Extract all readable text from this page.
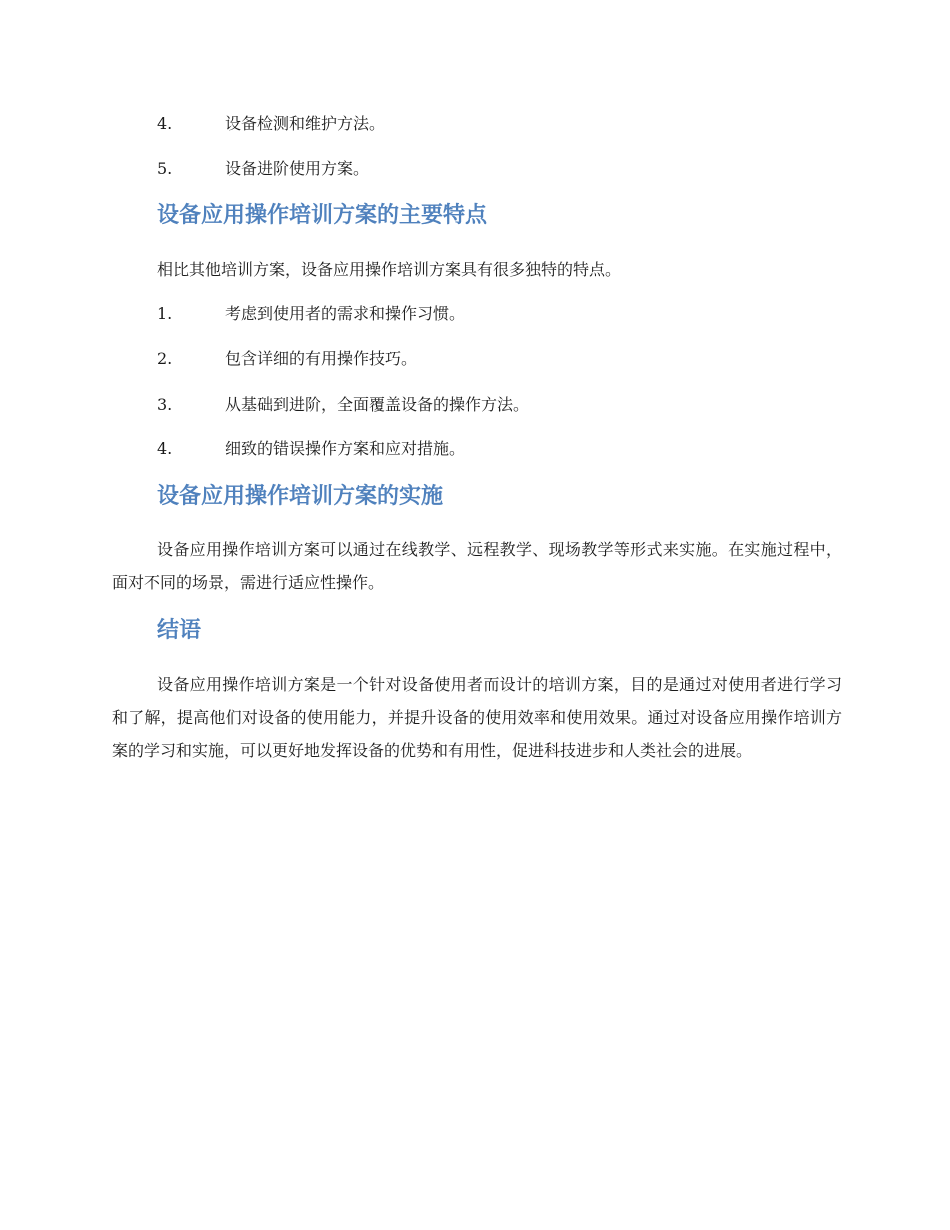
4.	设备检测和维护方法。
5.	设备进阶使用方案。
设备应用操作培训方案的主要特点
相比其他培训方案，设备应用操作培训方案具有很多独特的特点。
1.	考虑到使用者的需求和操作习惯。
2.	包含详细的有用操作技巧。
3.	从基础到进阶，全面覆盖设备的操作方法。
4.	细致的错误操作方案和应对措施。
设备应用操作培训方案的实施
设备应用操作培训方案可以通过在线教学、远程教学、现场教学等形式来实施。在实施过程中，面对不同的场景，需进行适应性操作。
结语
设备应用操作培训方案是一个针对设备使用者而设计的培训方案，目的是通过对使用者进行学习和了解，提高他们对设备的使用能力，并提升设备的使用效率和使用效果。通过对设备应用操作培训方案的学习和实施，可以更好地发挥设备的优势和有用性，促进科技进步和人类社会的进展。
